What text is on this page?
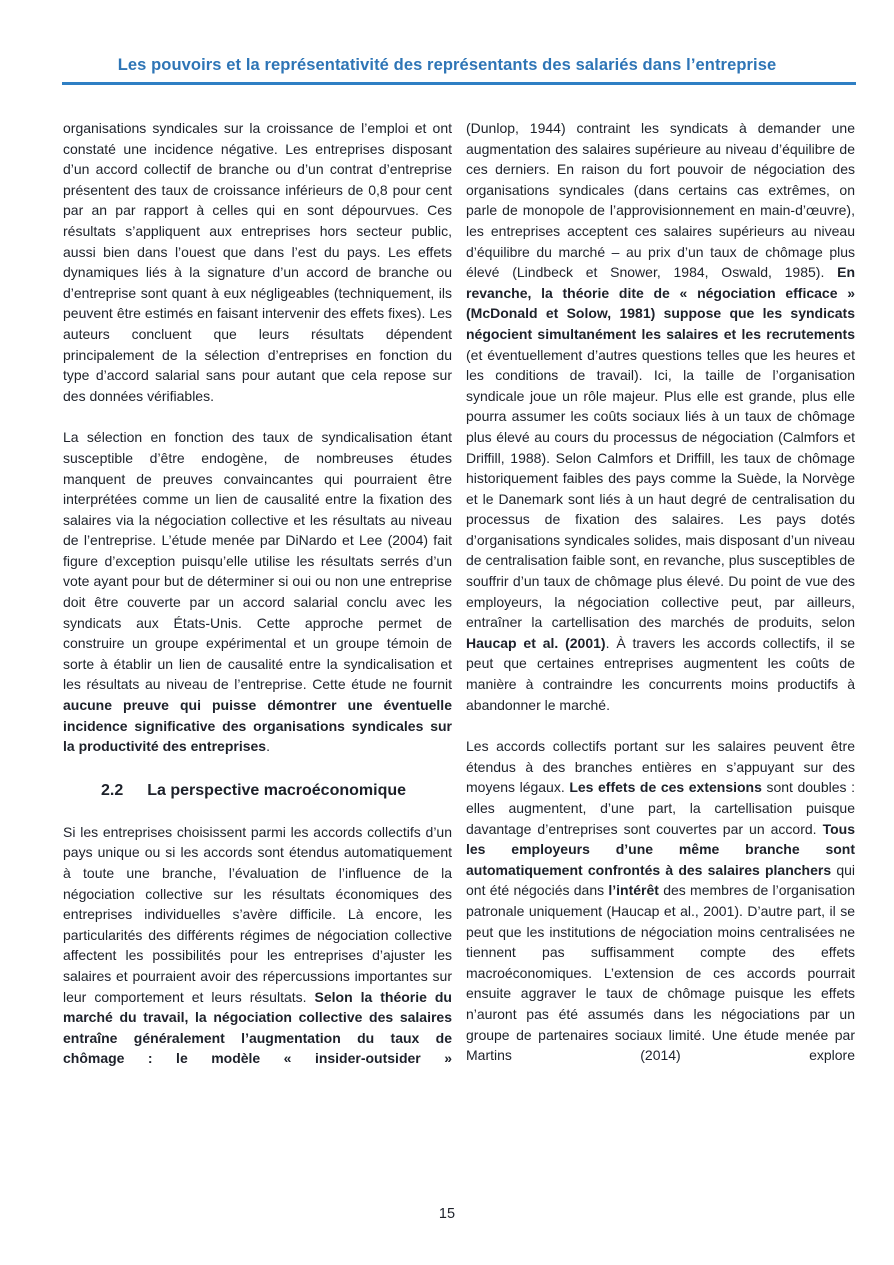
Les pouvoirs et la représentativité des représentants des salariés dans l’entreprise

organisations syndicales sur la croissance de l’emploi et ont constaté une incidence négative. Les entreprises disposant d’un accord collectif de branche ou d’un contrat d’entreprise présentent des taux de croissance inférieurs de 0,8 pour cent par an par rapport à celles qui en sont dépourvues. Ces résultats s’appliquent aux entreprises hors secteur public, aussi bien dans l’ouest que dans l’est du pays. Les effets dynamiques liés à la signature d’un accord de branche ou d’entreprise sont quant à eux négligeables (techniquement, ils peuvent être estimés en faisant intervenir des effets fixes). Les auteurs concluent que leurs résultats dépendent principalement de la sélection d’entreprises en fonction du type d’accord salarial sans pour autant que cela repose sur des données vérifiables.

La sélection en fonction des taux de syndicalisation étant susceptible d’être endogène, de nombreuses études manquent de preuves convaincantes qui pourraient être interprétées comme un lien de causalité entre la fixation des salaires via la négociation collective et les résultats au niveau de l’entreprise. L’étude menée par DiNardo et Lee (2004) fait figure d’exception puisqu’elle utilise les résultats serrés d’un vote ayant pour but de déterminer si oui ou non une entreprise doit être couverte par un accord salarial conclu avec les syndicats aux États-Unis. Cette approche permet de construire un groupe expérimental et un groupe témoin de sorte à établir un lien de causalité entre la syndicalisation et les résultats au niveau de l’entreprise. Cette étude ne fournit aucune preuve qui puisse démontrer une éventuelle incidence significative des organisations syndicales sur la productivité des entreprises.

2.2 La perspective macroéconomique

Si les entreprises choisissent parmi les accords collectifs d’un pays unique ou si les accords sont étendus automatiquement à toute une branche, l’évaluation de l’influence de la négociation collective sur les résultats économiques des entreprises individuelles s’avère difficile. Là encore, les particularités des différents régimes de négociation collective affectent les possibilités pour les entreprises d’ajuster les salaires et pourraient avoir des répercussions importantes sur leur comportement et leurs résultats. Selon la théorie du marché du travail, la négociation collective des salaires entraîne généralement l’augmentation du taux de chômage : le modèle « insider-outsider »

(Dunlop, 1944) contraint les syndicats à demander une augmentation des salaires supérieure au niveau d’équilibre de ces derniers. En raison du fort pouvoir de négociation des organisations syndicales (dans certains cas extrêmes, on parle de monopole de l’approvisionnement en main-d’œuvre), les entreprises acceptent ces salaires supérieurs au niveau d’équilibre du marché – au prix d’un taux de chômage plus élevé (Lindbeck et Snower, 1984, Oswald, 1985). En revanche, la théorie dite de « négociation efficace » (McDonald et Solow, 1981) suppose que les syndicats négocient simultanément les salaires et les recrutements (et éventuellement d’autres questions telles que les heures et les conditions de travail). Ici, la taille de l’organisation syndicale joue un rôle majeur. Plus elle est grande, plus elle pourra assumer les coûts sociaux liés à un taux de chômage plus élevé au cours du processus de négociation (Calmfors et Driffill, 1988). Selon Calmfors et Driffill, les taux de chômage historiquement faibles des pays comme la Suède, la Norvège et le Danemark sont liés à un haut degré de centralisation du processus de fixation des salaires. Les pays dotés d’organisations syndicales solides, mais disposant d’un niveau de centralisation faible sont, en revanche, plus susceptibles de souffrir d’un taux de chômage plus élevé. Du point de vue des employeurs, la négociation collective peut, par ailleurs, entraîner la cartellisation des marchés de produits, selon Haucap et al. (2001). À travers les accords collectifs, il se peut que certaines entreprises augmentent les coûts de manière à contraindre les concurrents moins productifs à abandonner le marché.

Les accords collectifs portant sur les salaires peuvent être étendus à des branches entières en s’appuyant sur des moyens légaux. Les effets de ces extensions sont doubles : elles augmentent, d’une part, la cartellisation puisque davantage d’entreprises sont couvertes par un accord. Tous les employeurs d’une même branche sont automatiquement confrontés à des salaires planchers qui ont été négociés dans l’intérêt des membres de l’organisation patronale uniquement (Haucap et al., 2001). D’autre part, il se peut que les institutions de négociation moins centralisées ne tiennent pas suffisamment compte des effets macroéconomiques. L’extension de ces accords pourrait ensuite aggraver le taux de chômage puisque les effets n’auront pas été assumés dans les négociations par un groupe de partenaires sociaux limité. Une étude menée par Martins (2014) explore

15
